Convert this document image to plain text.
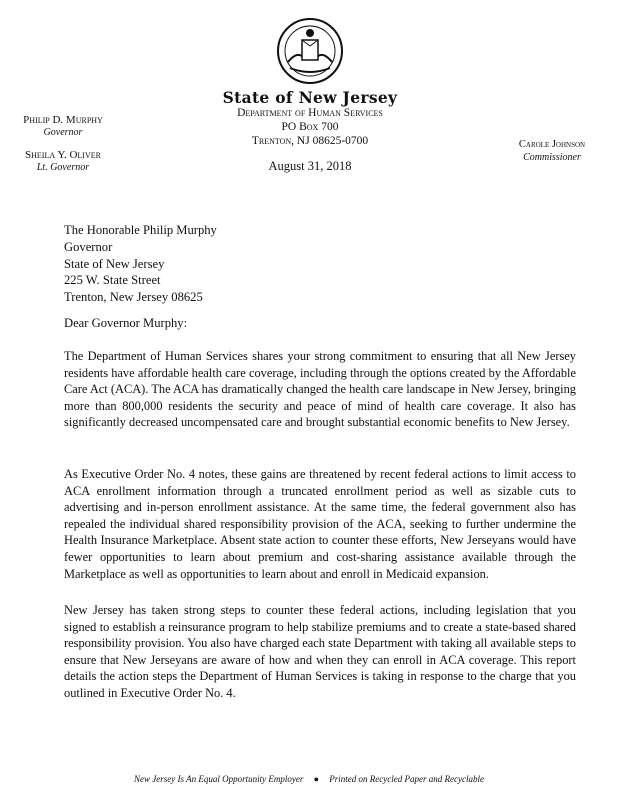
State of New Jersey
Department of Human Services
PO Box 700
Trenton, NJ 08625-0700
August 31, 2018
Philip D. Murphy
Governor
Sheila Y. Oliver
Lt. Governor
Carole Johnson
Commissioner
The Honorable Philip Murphy
Governor
State of New Jersey
225 W. State Street
Trenton, New Jersey 08625
Dear Governor Murphy:

The Department of Human Services shares your strong commitment to ensuring that all New Jersey residents have affordable health care coverage, including through the options created by the Affordable Care Act (ACA). The ACA has dramatically changed the health care landscape in New Jersey, bringing more than 800,000 residents the security and peace of mind of health care coverage. It also has significantly decreased uncompensated care and brought substantial economic benefits to New Jersey.

As Executive Order No. 4 notes, these gains are threatened by recent federal actions to limit access to ACA enrollment information through a truncated enrollment period as well as sizable cuts to advertising and in-person enrollment assistance. At the same time, the federal government also has repealed the individual shared responsibility provision of the ACA, seeking to further undermine the Health Insurance Marketplace. Absent state action to counter these efforts, New Jerseyans would have fewer opportunities to learn about premium and cost-sharing assistance available through the Marketplace as well as opportunities to learn about and enroll in Medicaid expansion.

New Jersey has taken strong steps to counter these federal actions, including legislation that you signed to establish a reinsurance program to help stabilize premiums and to create a state-based shared responsibility provision. You also have charged each state Department with taking all available steps to ensure that New Jerseyans are aware of how and when they can enroll in ACA coverage. This report details the action steps the Department of Human Services is taking in response to the charge that you outlined in Executive Order No. 4.

New Jersey Is An Equal Opportunity Employer ● Printed on Recycled Paper and Recyclable
